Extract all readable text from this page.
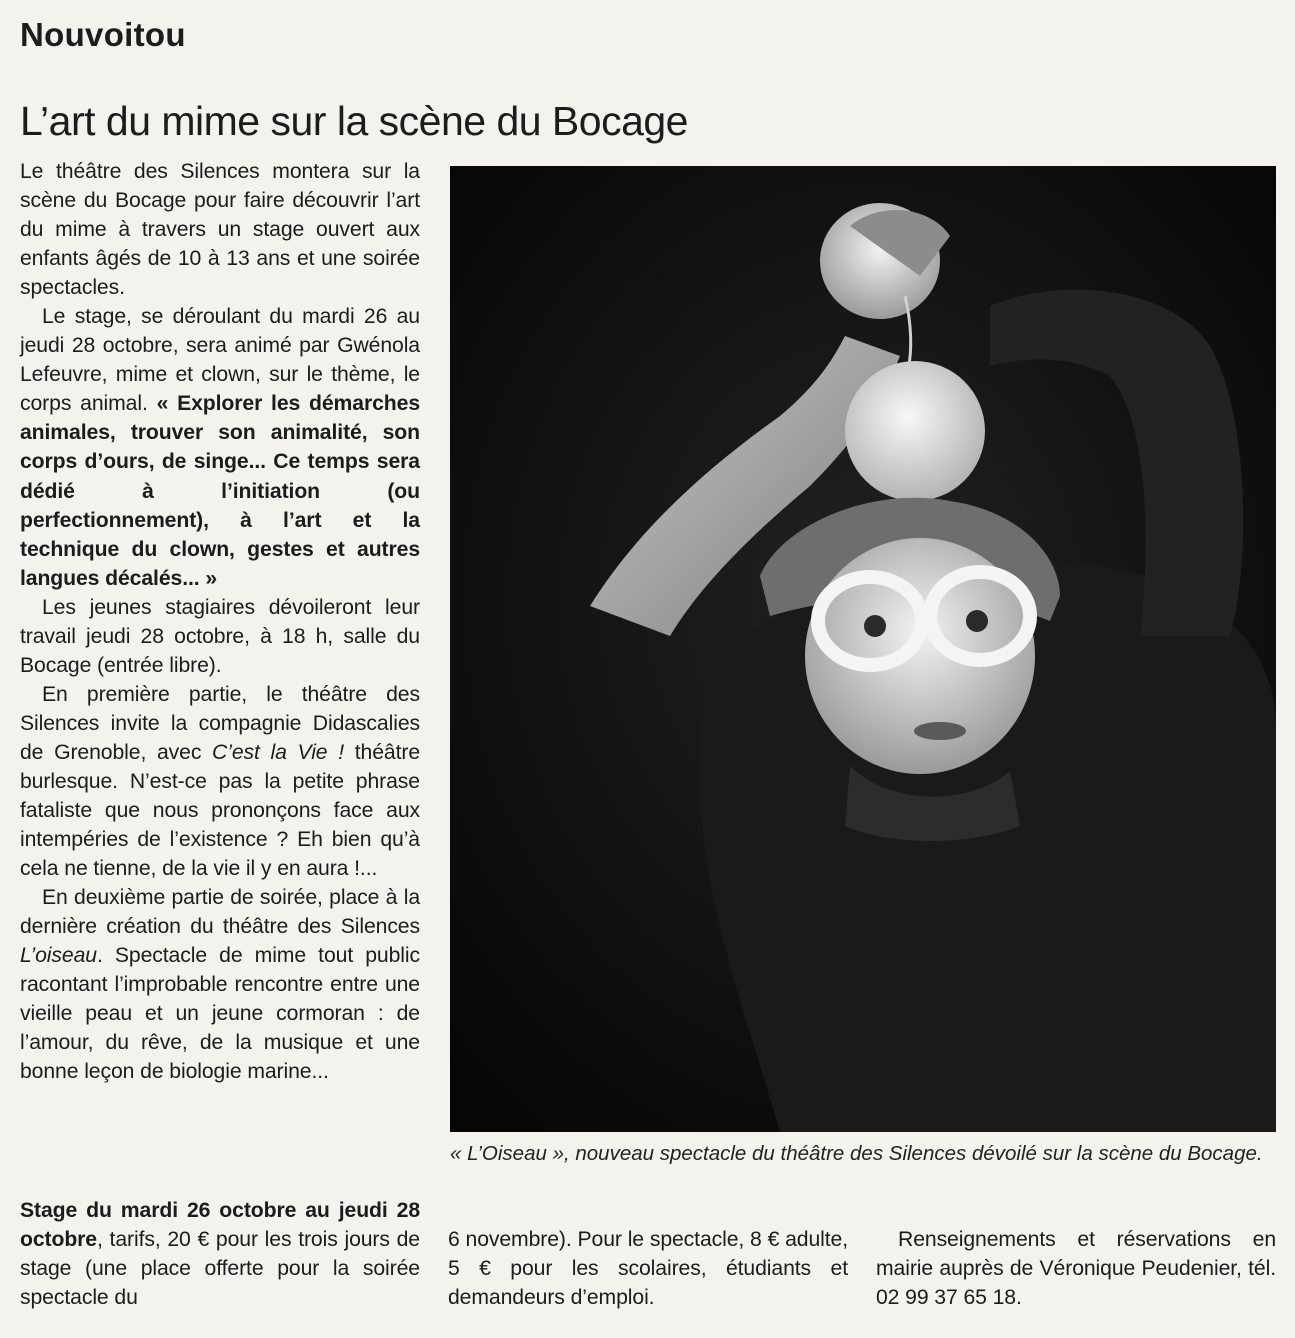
Nouvoitou
L’art du mime sur la scène du Bocage

Le théâtre des Silences montera sur la scène du Bocage pour faire découvrir l’art du mime à travers un stage ouvert aux enfants âgés de 10 à 13 ans et une soirée spectacles.

Le stage, se déroulant du mardi 26 au jeudi 28 octobre, sera animé par Gwénola Lefeuvre, mime et clown, sur le thème, le corps animal. « Explorer les démarches animales, trouver son animalité, son corps d’ours, de singe... Ce temps sera dédié à l’initiation (ou perfectionnement), à l’art et la technique du clown, gestes et autres langues décalés... »

Les jeunes stagiaires dévoileront leur travail jeudi 28 octobre, à 18 h, salle du Bocage (entrée libre).

En première partie, le théâtre des Silences invite la compagnie Didascalies de Grenoble, avec C’est la Vie ! théâtre burlesque. N’est-ce pas la petite phrase fataliste que nous prononçons face aux intempéries de l’existence ? Eh bien qu’à cela ne tienne, de la vie il y en aura !...

En deuxième partie de soirée, place à la dernière création du théâtre des Silences L’oiseau. Spectacle de mime tout public racontant l’improbable rencontre entre une vieille peau et un jeune cormoran : de l’amour, du rêve, de la musique et une bonne leçon de biologie marine...

Stage du mardi 26 octobre au jeudi 28 octobre, tarifs, 20 € pour les trois jours de stage (une place offerte pour la soirée spectacle du

6 novembre). Pour le spectacle, 8 € adulte, 5 € pour les scolaires, étudiants et demandeurs d’emploi.

Renseignements et réservations en mairie auprès de Véronique Peudenier, tél. 02 99 37 65 18.

« L’Oiseau », nouveau spectacle du théâtre des Silences dévoilé sur la scène du Bocage.
